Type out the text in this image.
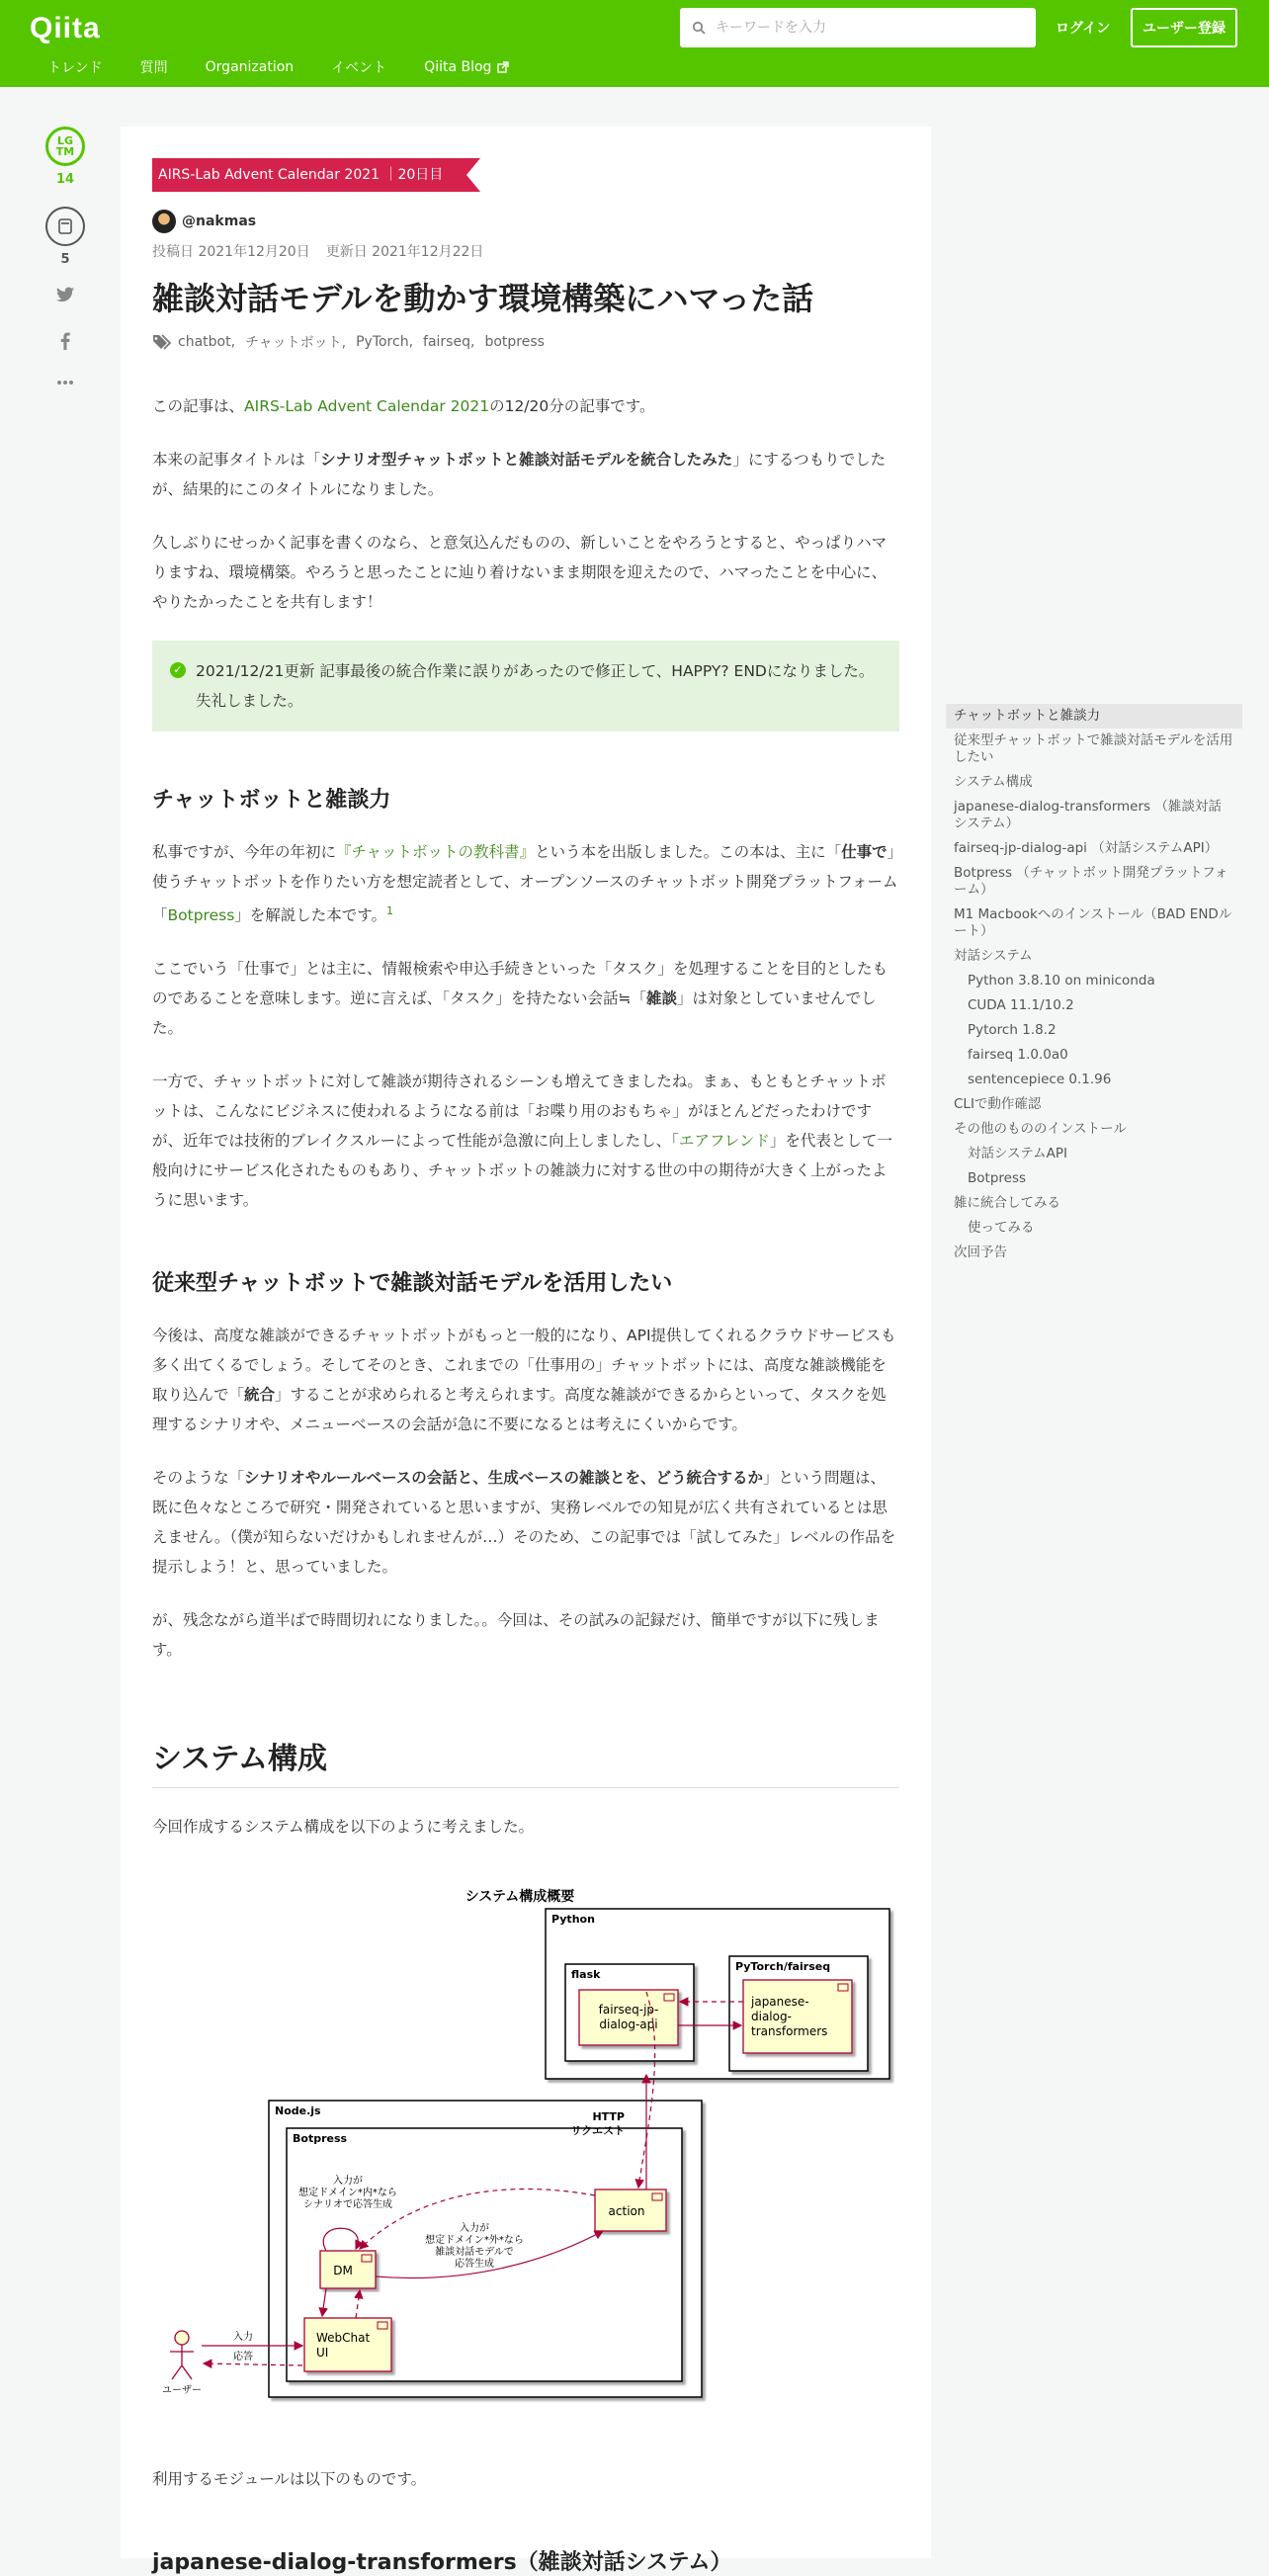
Qiita
トレンド	質問	Organization	イベント	Qiita Blog
キーワードを入力
ログイン	ユーザー登録
LG
TM
14
5
AIRS-Lab Advent Calendar 2021 ｜20日目
@nakmas
投稿日 2021年12月20日 更新日 2021年12月22日
雑談対話モデルを動かす環境構築にハマった話
chatbot, チャットボット, PyTorch, fairseq, botpress

この記事は、AIRS-Lab Advent Calendar 2021の12/20分の記事です。

本来の記事タイトルは「シナリオ型チャットボットと雑談対話モデルを統合したみた」にするつもりでしたが、結果的にこのタイトルになりました。

久しぶりにせっかく記事を書くのなら、と意気込んだものの、新しいことをやろうとすると、やっぱりハマりますね、環境構築。やろうと思ったことに辿り着けないまま期限を迎えたので、ハマったことを中心に、やりたかったことを共有します！

✓ 2021/12/21更新 記事最後の統合作業に誤りがあったので修正して、HAPPY? ENDになりました。失礼しました。
チャットボットと雑談力

私事ですが、今年の年初に『チャットボットの教科書』という本を出版しました。この本は、主に「仕事で」使うチャットボットを作りたい方を想定読者として、オープンソースのチャットボット開発プラットフォーム「Botpress」を解説した本です。$^1$

ここでいう「仕事で」とは主に、情報検索や申込手続きといった「タスク」を処理することを目的としたものであることを意味します。逆に言えば、「タスク」を持たない会話≒「雑談」は対象としていませんでした。

一方で、チャットボットに対して雑談が期待されるシーンも増えてきましたね。まぁ、もともとチャットボットは、こんなにビジネスに使われるようになる前は「お喋り用のおもちゃ」がほとんどだったわけですが、近年では技術的ブレイクスルーによって性能が急激に向上しましたし、「エアフレンド」を代表として一般向けにサービス化されたものもあり、チャットボットの雑談力に対する世の中の期待が大きく上がったように思います。

従来型チャットボットで雑談対話モデルを活用したい

今後は、高度な雑談ができるチャットボットがもっと一般的になり、API提供してくれるクラウドサービスも多く出てくるでしょう。そしてそのとき、これまでの「仕事用の」チャットボットには、高度な雑談機能を取り込んで「統合」することが求められると考えられます。高度な雑談ができるからといって、タスクを処理するシナリオや、メニューベースの会話が急に不要になるとは考えにくいからです。

そのような「シナリオやルールベースの会話と、生成ベースの雑談とを、どう統合するか」という問題は、既に色々なところで研究・開発されていると思いますが、実務レベルでの知見が広く共有されているとは思えません。（僕が知らないだけかもしれませんが…）そのため、この記事では「試してみた」レベルの作品を提示しよう！と、思っていました。

が、残念ながら道半ばで時間切れになりました。。今回は、その試みの記録だけ、簡単ですが以下に残します。

システム構成

今回作成するシステム構成を以下のように考えました。

システム構成概要
Python
flask
fairseq-jp-
dialog-api
PyTorch/fairseq
japanese-
dialog-
transformers
Node.js
Botpress
HTTP
リクエスト
action
DM
WebChat
UI
入力が
想定ドメイン*内*なら
シナリオで応答生成
入力が
想定ドメイン*外*なら
雑談対話モデルで
応答生成
ユーザー
入力
応答

利用するモジュールは以下のものです。

japanese-dialog-transformers（雑談対話システム）
チャットボットと雑談力
従来型チャットボットで雑談対話モデルを活用したい
システム構成
japanese-dialog-transformers （雑談対話システム）
fairseq-jp-dialog-api （対話システムAPI）
Botpress （チャットボット開発プラットフォーム）
M1 Macbookへのインストール（BAD ENDルート）
対話システム
Python 3.8.10 on miniconda
CUDA 11.1/10.2
Pytorch 1.8.2
fairseq 1.0.0a0
sentencepiece 0.1.96
CLIで動作確認
その他のもののインストール
対話システムAPI
Botpress
雑に統合してみる
使ってみる
次回予告
